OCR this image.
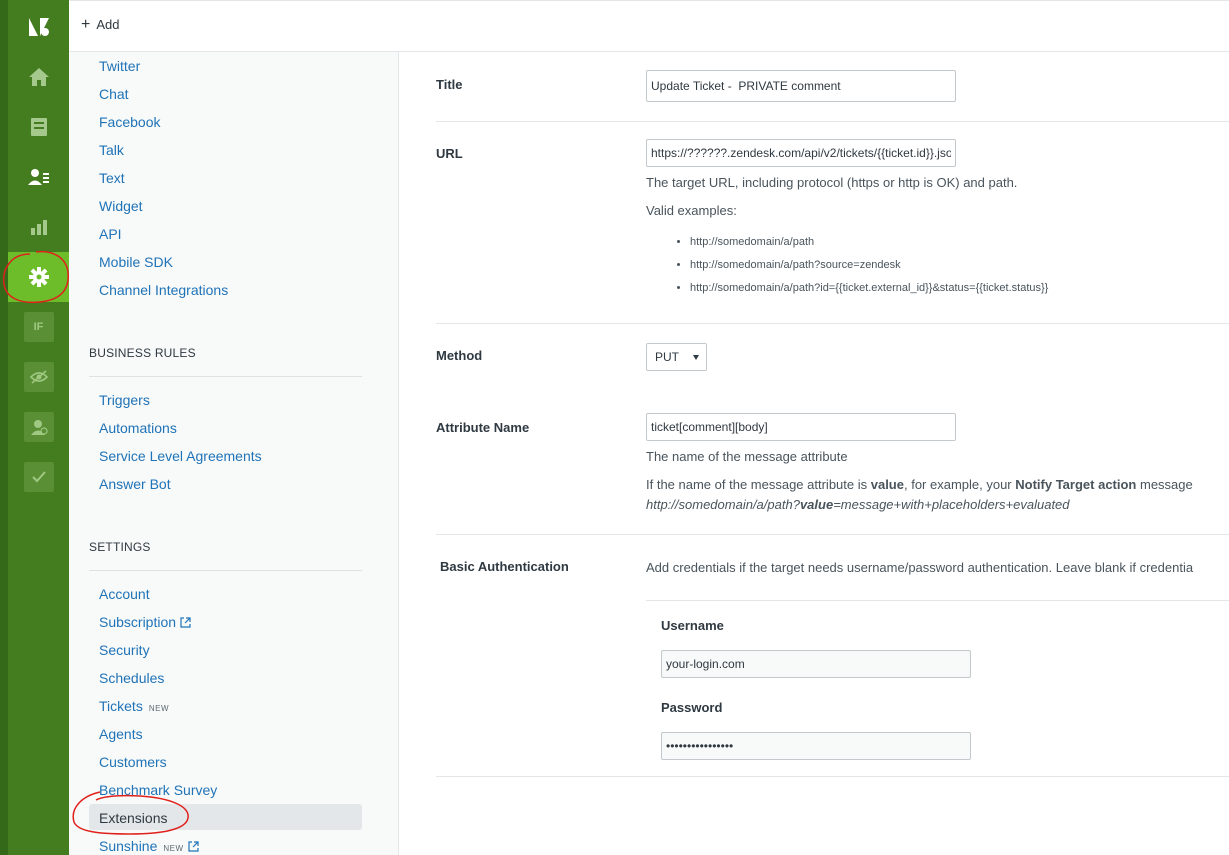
IF
+ Add
Twitter
Chat
Facebook
Talk
Text
Widget
API
Mobile SDK
Channel Integrations
BUSINESS RULES
Triggers
Automations
Service Level Agreements
Answer Bot
SETTINGS
Account
Subscription
Security
Schedules
Tickets NEW
Agents
Customers
Benchmark Survey
Extensions
Sunshine NEW
Title
Update Ticket - PRIVATE comment
URL
https://??????.zendesk.com/api/v2/tickets/{{ticket.id}}.json
The target URL, including protocol (https or http is OK) and path.
Valid examples:
• http://somedomain/a/path
• http://somedomain/a/path?source=zendesk
• http://somedomain/a/path?id={{ticket.external_id}}&status={{ticket.status}}
Method	PUT
Attribute Name
ticket[comment][body]
The name of the message attribute
If the name of the message attribute is value, for example, your Notify Target action message
http://somedomain/a/path?value=message+with+placeholders+evaluated
Basic Authentication	Add credentials if the target needs username/password authentication. Leave blank if credentia
Username
your-login.com
Password
••••••••••••••••
